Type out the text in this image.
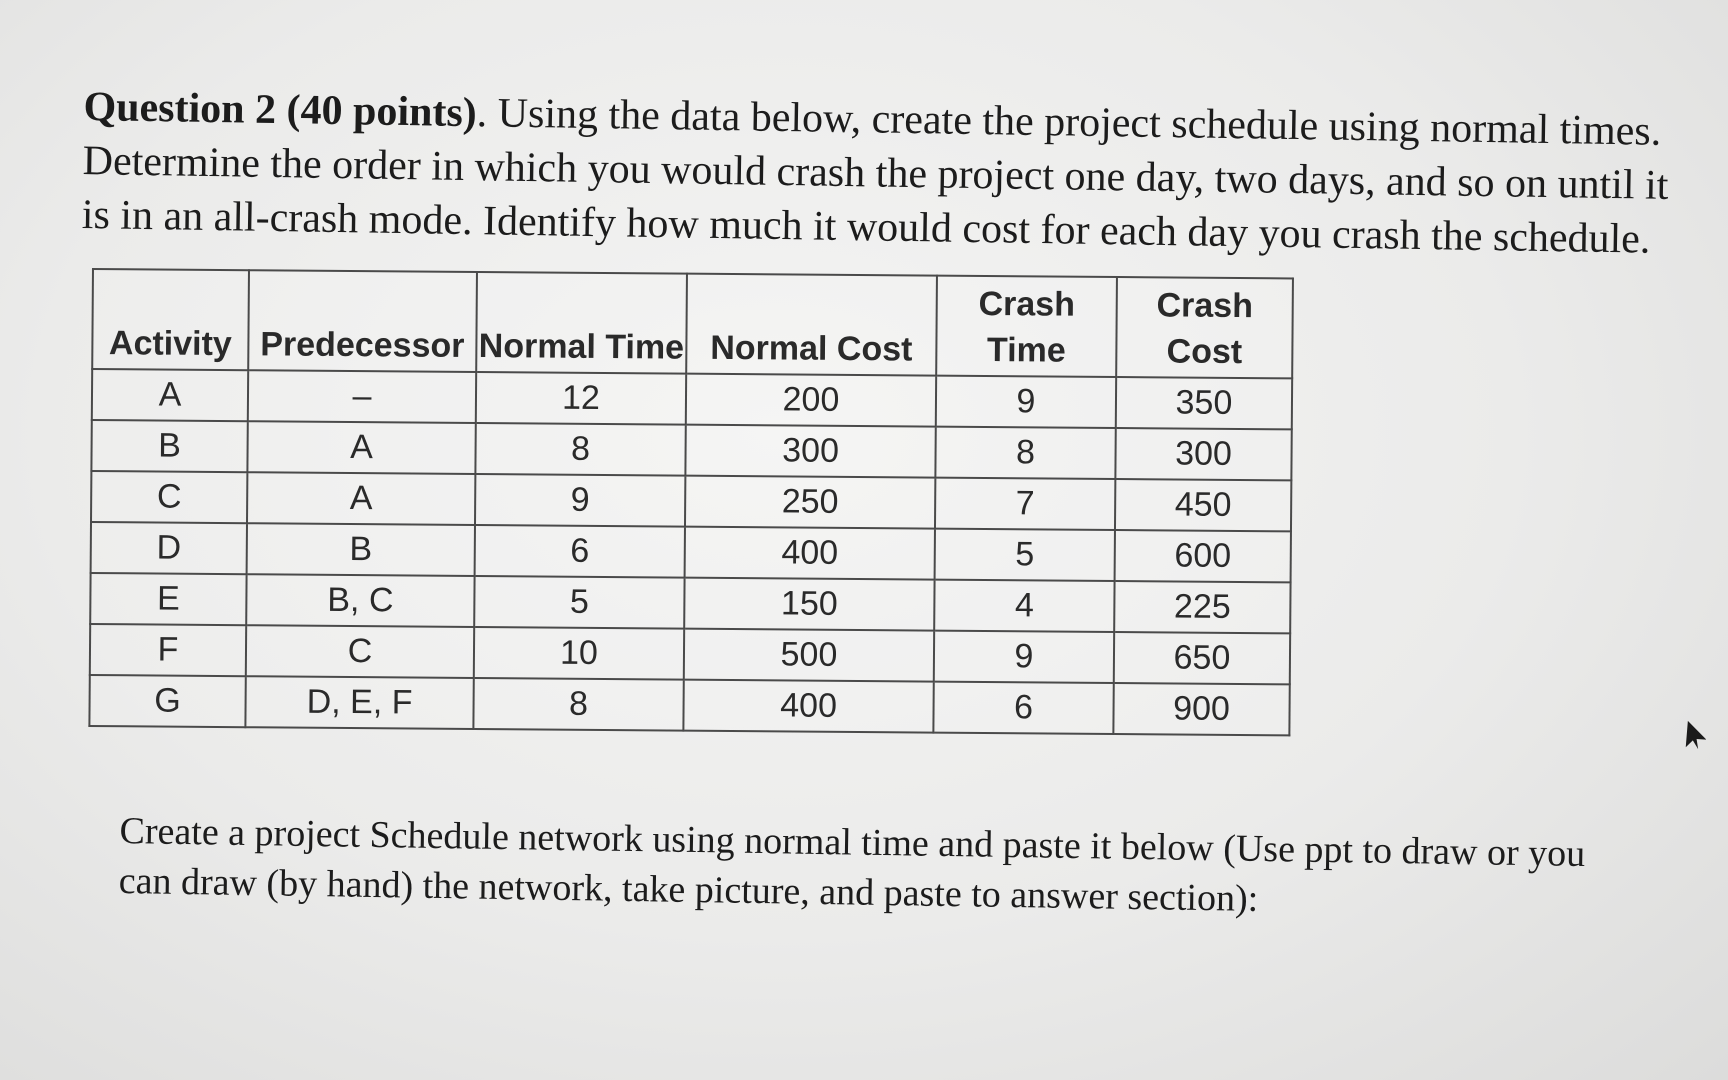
Question 2 (40 points). Using the data below, create the project schedule using normal times. Determine the order in which you would crash the project one day, two days, and so on until it is in an all-crash mode. Identify how much it would cost for each day you crash the schedule.
Activity	Predecessor	Normal Time	Normal Cost	Crash Time	Crash Cost
A	–	12	200	9	350
B	A	8	300	8	300
C	A	9	250	7	450
D	B	6	400	5	600
E	B, C	5	150	4	225
F	C	10	500	9	650
G	D, E, F	8	400	6	900
Create a project Schedule network using normal time and paste it below (Use ppt to draw or you can draw (by hand) the network, take picture, and paste to answer section):
